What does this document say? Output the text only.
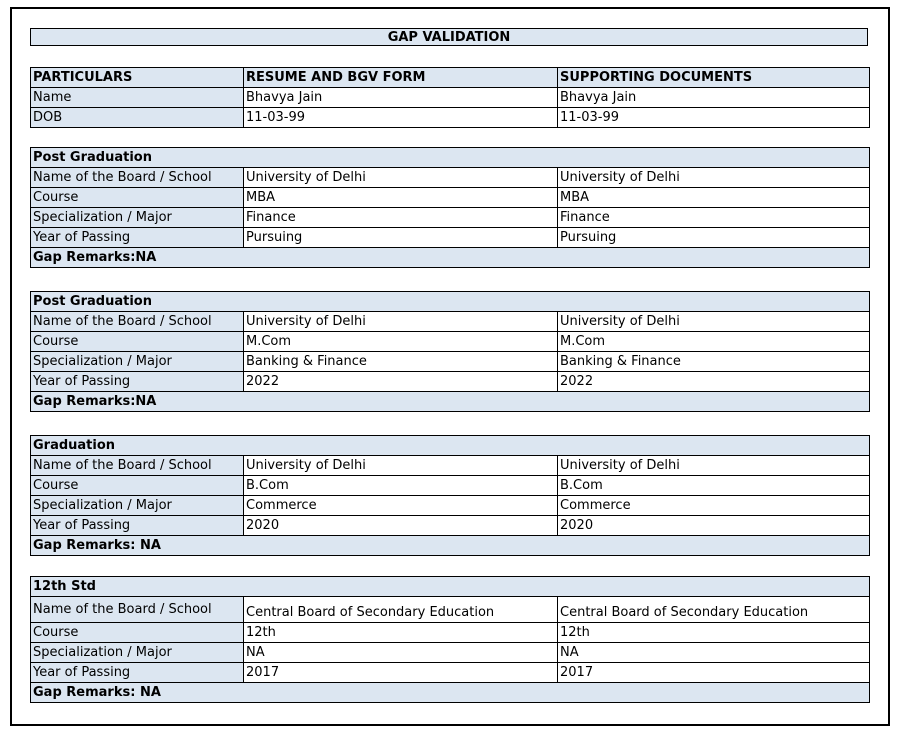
GAP VALIDATION
PARTICULARS	RESUME AND BGV FORM	SUPPORTING DOCUMENTS
Name	Bhavya Jain	Bhavya Jain
DOB	11-03-99	11-03-99
Post Graduation		
Name of the Board / School	University of Delhi	University of Delhi
Course	MBA	MBA
Specialization / Major	Finance	Finance
Year of Passing	Pursuing	Pursuing
Gap Remarks:NA		
Post Graduation		
Name of the Board / School	University of Delhi	University of Delhi
Course	M.Com	M.Com
Specialization / Major	Banking & Finance	Banking & Finance
Year of Passing	2022	2022
Gap Remarks:NA		
Graduation		
Name of the Board / School	University of Delhi	University of Delhi
Course	B.Com	B.Com
Specialization / Major	Commerce	Commerce
Year of Passing	2020	2020
Gap Remarks: NA		
12th Std		
Name of the Board / School	Central Board of Secondary Education	Central Board of Secondary Education
Course	12th	12th
Specialization / Major	NA	NA
Year of Passing	2017	2017
Gap Remarks: NA		
